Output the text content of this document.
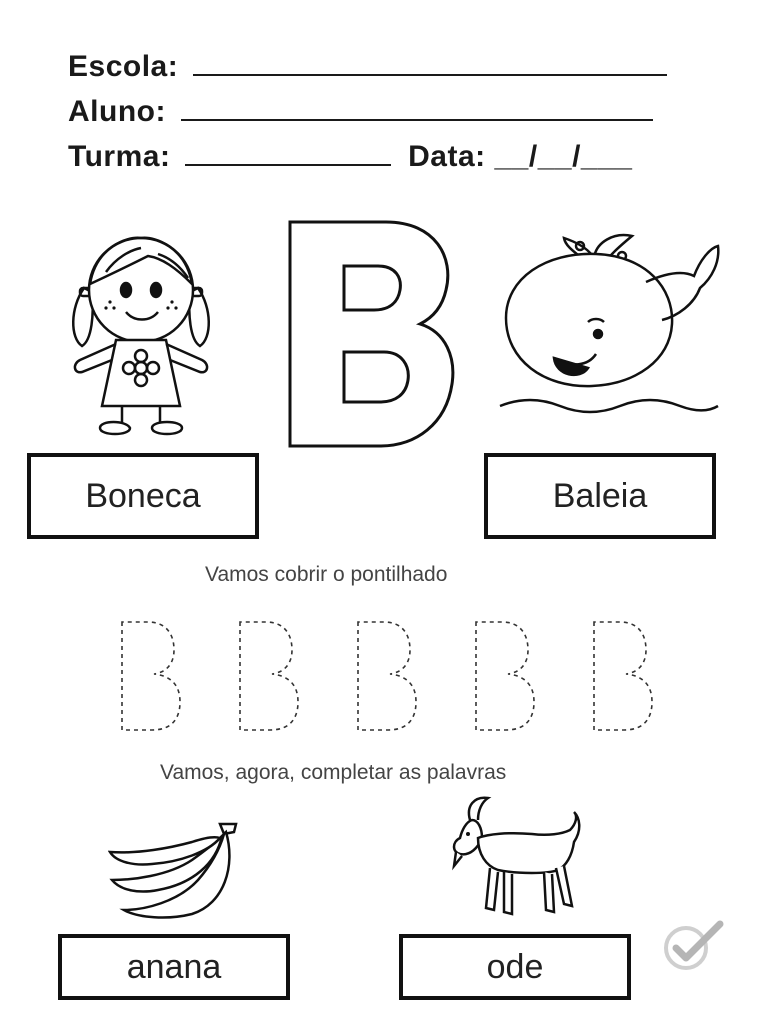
Escola:
Aluno:
Turma:	Data: __/__/___
Boneca	Baleia
Vamos cobrir o pontilhado
Vamos, agora, completar as palavras
anana	ode
